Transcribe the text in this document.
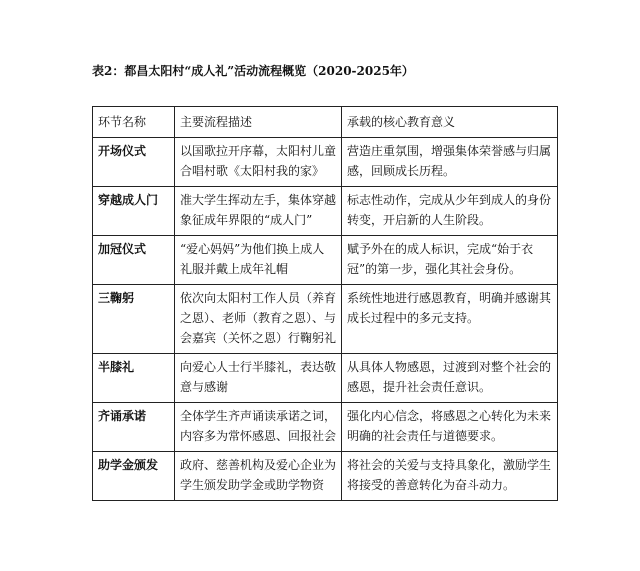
表2：都昌太阳村“成人礼”活动流程概览（2020-2025年）
环节名称	主要流程描述	承载的核心教育意义
开场仪式	以国歌拉开序幕，太阳村儿童合唱村歌《太阳村我的家》	营造庄重氛围，增强集体荣誉感与归属感，回顾成长历程。
穿越成人门	准大学生挥动左手，集体穿越象征成年界限的“成人门”	标志性动作，完成从少年到成人的身份转变，开启新的人生阶段。
加冠仪式	“爱心妈妈”为他们换上成人礼服并戴上成年礼帽	赋予外在的成人标识，完成“始于衣冠”的第一步，强化其社会身份。
三鞠躬	依次向太阳村工作人员（养育之恩）、老师（教育之恩）、与会嘉宾（关怀之恩）行鞠躬礼	系统性地进行感恩教育，明确并感谢其成长过程中的多元支持。
半膝礼	向爱心人士行半膝礼，表达敬意与感谢	从具体人物感恩，过渡到对整个社会的感恩，提升社会责任意识。
齐诵承诺	全体学生齐声诵读承诺之词，内容多为常怀感恩、回报社会	强化内心信念，将感恩之心转化为未来明确的社会责任与道德要求。
助学金颁发	政府、慈善机构及爱心企业为学生颁发助学金或助学物资	将社会的关爱与支持具象化，激励学生将接受的善意转化为奋斗动力。
